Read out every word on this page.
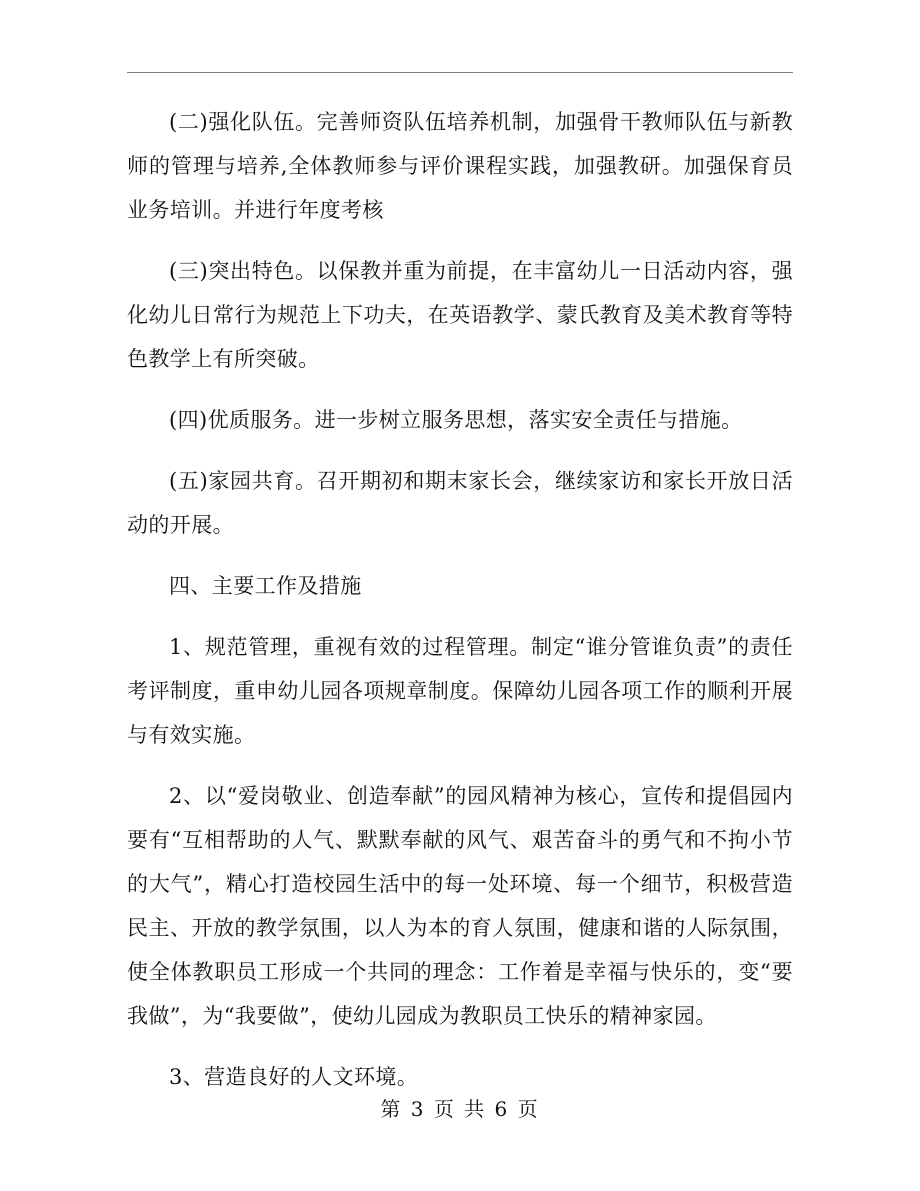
(二)强化队伍。完善师资队伍培养机制，加强骨干教师队伍与新教师的管理与培养,全体教师参与评价课程实践，加强教研。加强保育员业务培训。并进行年度考核

(三)突出特色。以保教并重为前提，在丰富幼儿一日活动内容，强化幼儿日常行为规范上下功夫，在英语教学、蒙氏教育及美术教育等特色教学上有所突破。

(四)优质服务。进一步树立服务思想，落实安全责任与措施。

(五)家园共育。召开期初和期末家长会，继续家访和家长开放日活动的开展。

四、主要工作及措施

1、规范管理，重视有效的过程管理。制定“谁分管谁负责”的责任考评制度，重申幼儿园各项规章制度。保障幼儿园各项工作的顺利开展与有效实施。

2、以“爱岗敬业、创造奉献”的园风精神为核心，宣传和提倡园内要有“互相帮助的人气、默默奉献的风气、艰苦奋斗的勇气和不拘小节的大气”，精心打造校园生活中的每一处环境、每一个细节，积极营造民主、开放的教学氛围，以人为本的育人氛围，健康和谐的人际氛围，使全体教职员工形成一个共同的理念：工作着是幸福与快乐的，变“要我做”，为“我要做”，使幼儿园成为教职员工快乐的精神家园。

3、营造良好的人文环境。

第 3 页 共 6 页
